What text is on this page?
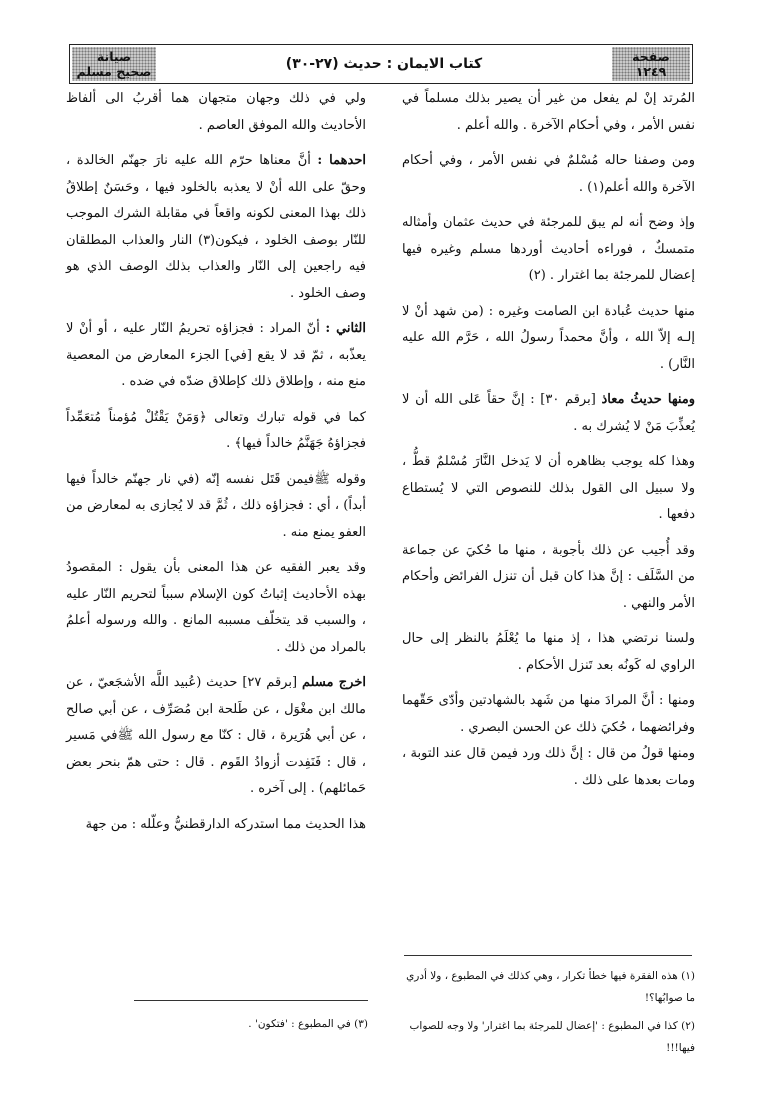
صيانة
صحيح مسلم	كتاب الايمان : حديث (٢٧-٣٠)	صفحة
١٢٤٩

المُرتد إنْ لم يفعل من غير أن يصير بذلك مسلماً في نفس الأمر ، وفي أحكام الآخرة . والله أعلم .

ومن وصفنا حاله مُسْلمٌ في نفس الأمر ، وفي أحكام الآخرة والله أعلم(١) .

وإذ وضح أنه لم يبق للمرجئة في حديث عثمان وأمثاله متمسكٌ ، فوراءه أحاديث أوردها مسلم وغيره فيها إعضال للمرجئة بما اغترار . (٢)

منها حديث عُبادة ابن الصامت وغيره : (من شهد أنْ لا إلـه إلاّ الله ، وأنَّ محمداً رسولُ الله ، حَرَّم الله عليه النَّار) .

ومنها حديثُ معاذ [برقم ٣٠] : إنَّ حقاً عَلى الله أن لا يُعذِّبَ مَنْ لا يُشرك به .

وهذا كله يوجب بظاهره أن لا يَدخل النَّارَ مُسْلمٌ قطُّ ، ولا سبيل الى القول بذلك للنصوص التي لا يُستطاع دفعها .

وقد أُجيب عن ذلك بأجوبة ، منها ما حُكيَ عن جماعة من السَّلَف : إنَّ هذا كان قبل أن تنزل الفرائض وأحكام الأمر والنهي .

ولسنا نرتضي هذا ، إذ منها ما يُعْلَمُ بالنظر إلى حال الراوي له كَونُه بعد تَنزل الأحكام .

ومنها : أنَّ المرادَ منها من شَهد بالشهادتين وأدّى حَقّهما وفرائضهما ، حُكيَ ذلك عن الحسن البصري .

ومنها قولُ من قال : إنَّ ذلك ورد فيمن قال عند التوبة ، ومات بعدها على ذلك .

ولي في ذلك وجهان متجهان هما أقربُ الى ألفاظ الأحاديث والله الموفق العاصم .

احدهما : أنَّ معناها حرّم الله عليه نارَ جهنّم الخالدة ، وحقّ على الله أنْ لا يعذبه بالخلود فيها ، وحَسَنٌ إطلاقُ ذلك بهذا المعنى لكونه واقعاً في مقابلة الشرك الموجب للنّار بوصف الخلود ، فيكون(٣) النار والعذاب المطلقان فيه راجعين إلى النّار والعذاب بذلك الوصف الذي هو وصف الخلود .

الثاني : أنّ المراد : فجزاؤه تحريمُ النّار عليه ، أو أنْ لا يعذّبه ، ثمّ قد لا يقع [في] الجزء المعارض من المعصية منع منه ، وإطلاق ذلك كإطلاق ضدّه في ضده .

كما في قوله تبارك وتعالى ﴿وَمَنْ يَقْتُلْ مُؤمناً مُتعَمِّداً فجزاؤهُ جَهَنَّمُ خالداً فيها﴾ .

وقوله ﷺفيمن قَتَل نفسه إنّه (في نار جهنّم خالداً فيها أبداً) ، أي : فجزاؤه ذلك ، ثُمَّ قد لا يُجازى به لمعارض من العفو يمنع منه .

وقد يعبر الفقيه عن هذا المعنى بأن يقول : المقصودُ بهذه الأحاديث إثباتُ كون الإسلام سبباً لتحريم النّار عليه ، والسبب قد يتخلّف مسببه المانع . والله ورسوله أعلمُ بالمراد من ذلك .

اخرج مسلم [برقم ٢٧] حديث (عُبيد اللَّه الأشجَعيّ ، عن مالك ابن مغْوَل ، عن طَلحة ابن مُصَرِّف ، عن أبي صالح ، عن أبي هُرَيرة ، قال : كنّا مع رسول الله ﷺفي مَسير ، قال : فَنَفِدت أزوادُ القَوم . قال : حتى همّ بنحر بعض حَمائلهم) . إلى آخره .

هذا الحديث مما استدركه الدارقطنيُّ وعلّله : من جهة

(١) هذه الفقرة فيها خطأ تكرار ، وهي كذلك في المطبوع ، ولا أدري ما صوابُها؟!

(٢) كذا في المطبوع : 'إعضال للمرجئة بما اغترار' ولا وجه للصواب فيها!!!

(٣) في المطبوع : 'فتكون' .
